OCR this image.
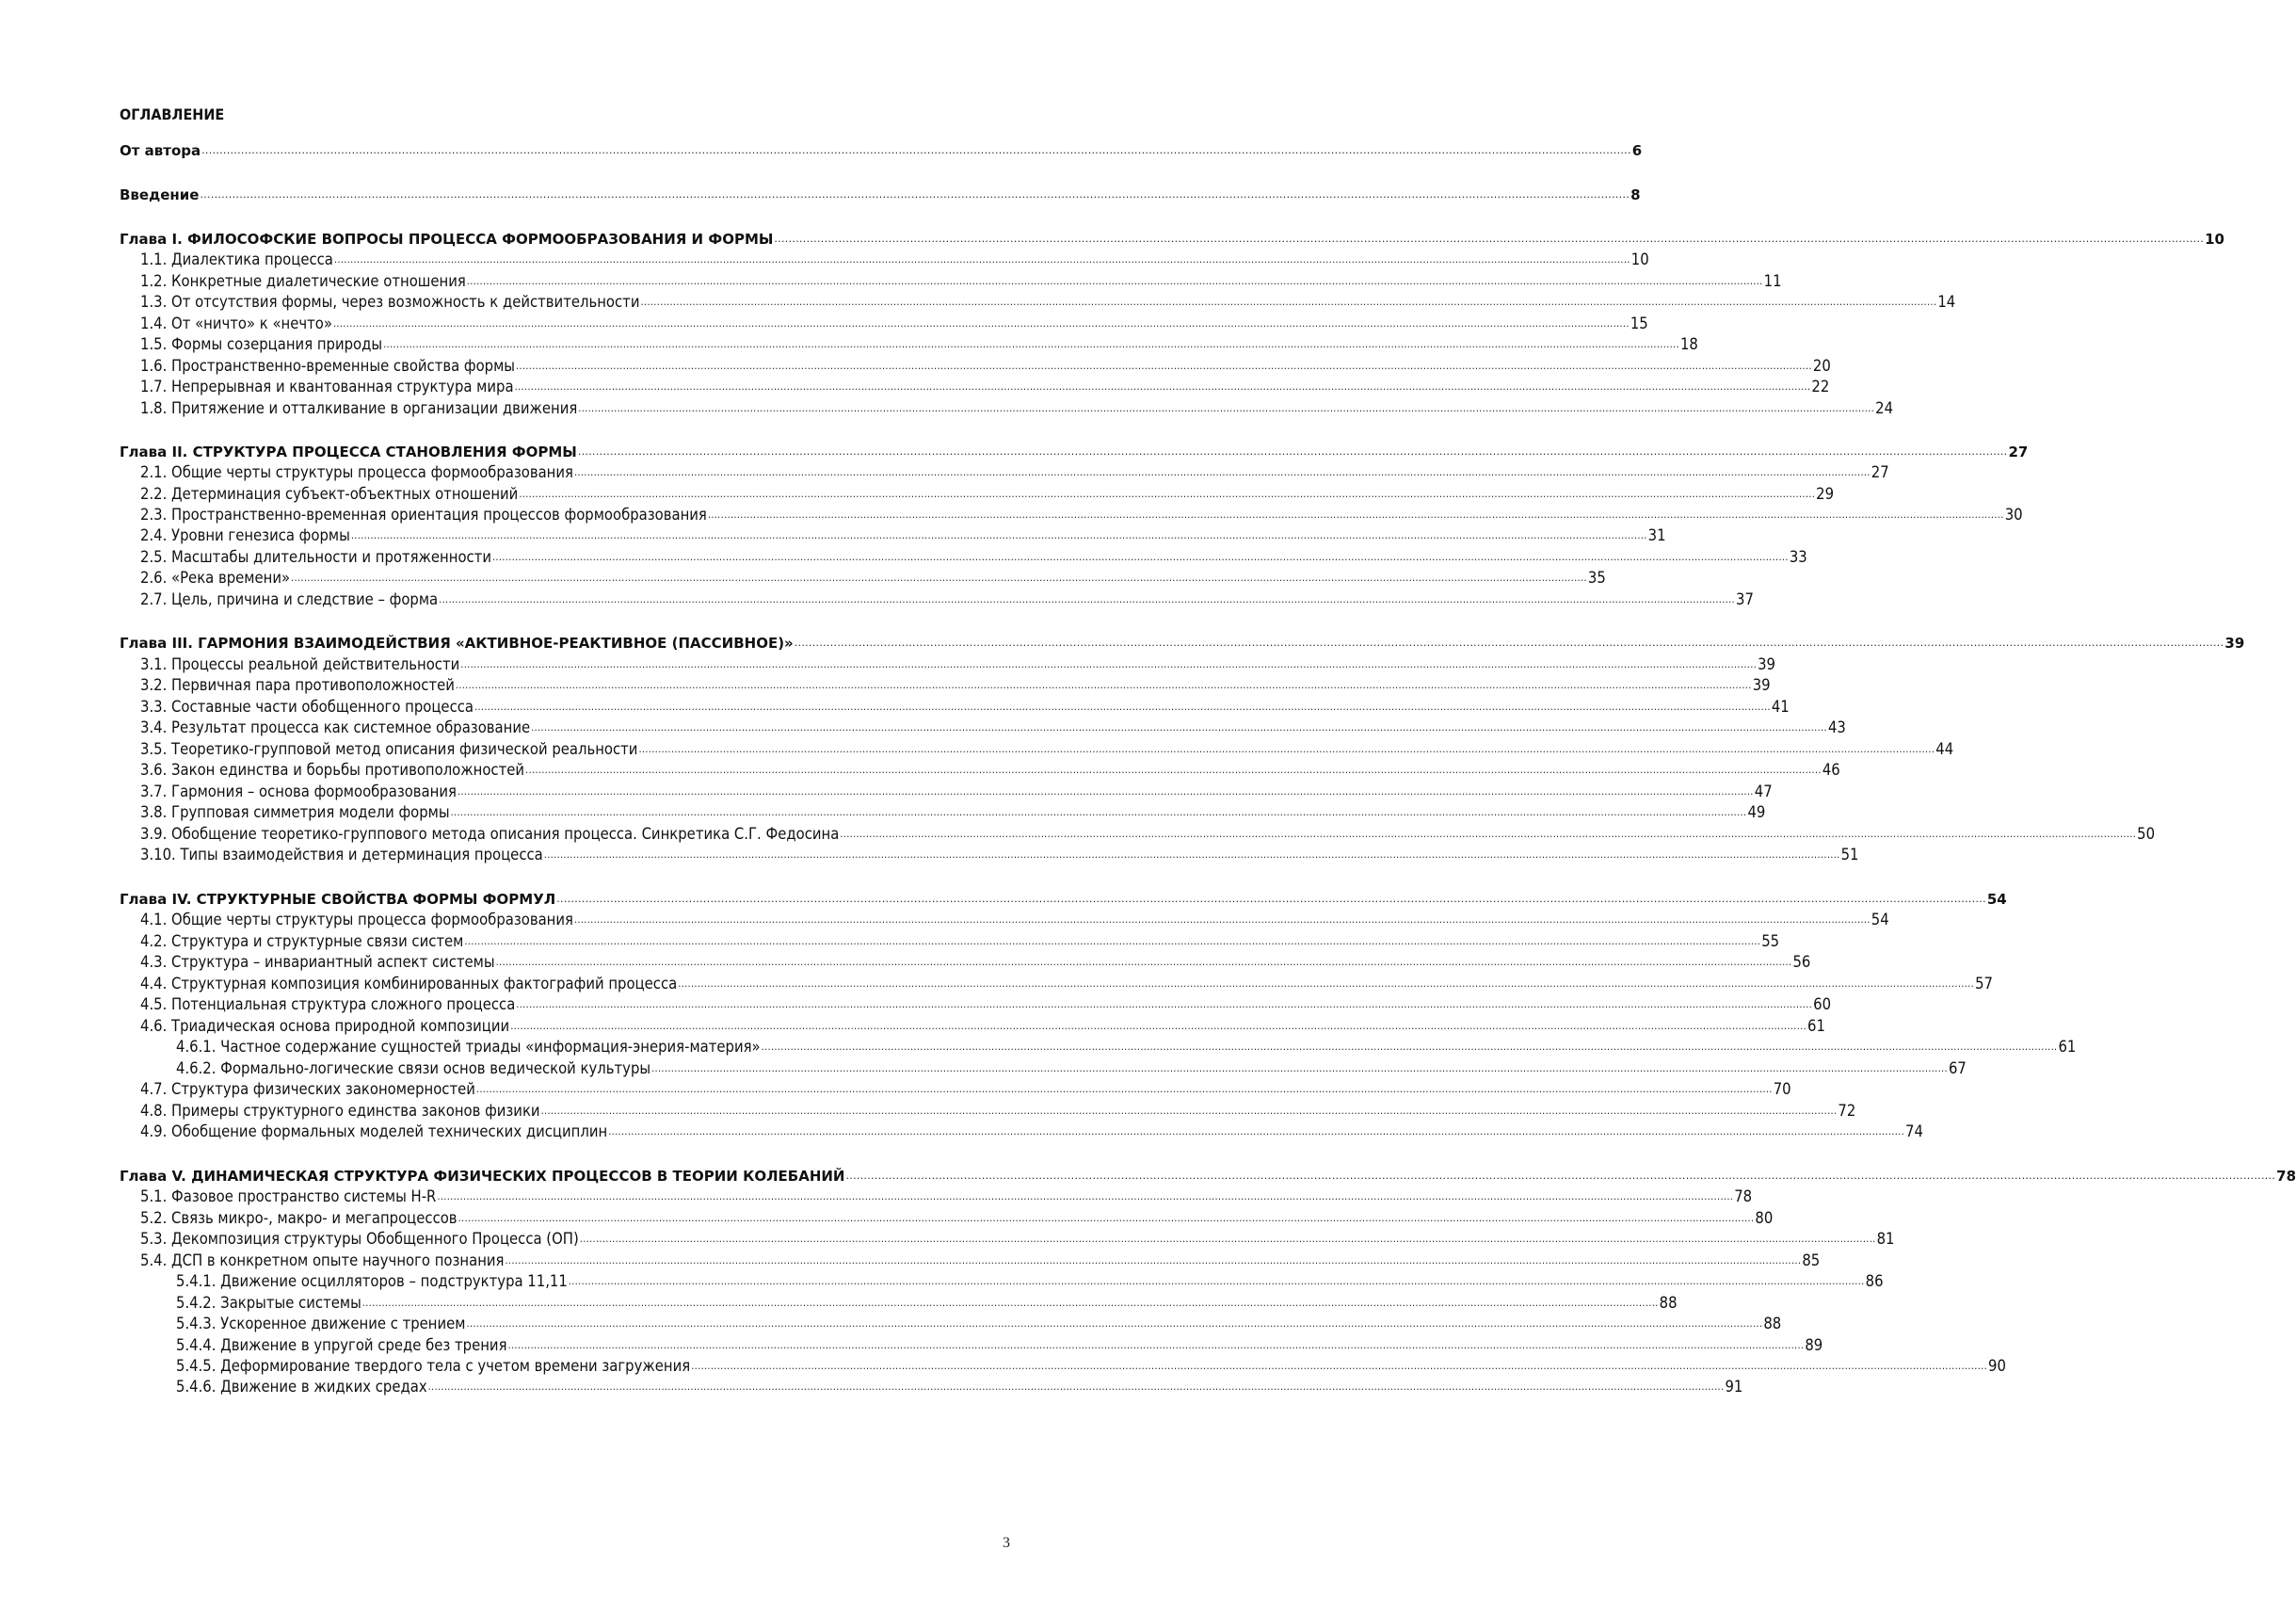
ОГЛАВЛЕНИЕ
От автора ................................................................................................................................................................................................................................................................................................................................................................................................................ 6
Введение ................................................................................................................................................................................................................................................................................................................................................................................................................ 8
Глава I. ФИЛОСОФСКИЕ ВОПРОСЫ ПРОЦЕССА ФОРМООБРАЗОВАНИЯ И ФОРМЫ ................................................................................................................................................................................................................................................................................................................................................................................................................ 10
1.1. Диалектика процесса ................................................................................................................................................................................................................................................................................................................................................................................................................ 10
1.2. Конкретные диалетические отношения ................................................................................................................................................................................................................................................................................................................................................................................................................ 11
1.3. От отсутствия формы, через возможность к действительности ................................................................................................................................................................................................................................................................................................................................................................................................................ 14
1.4. От «ничто» к «нечто» ................................................................................................................................................................................................................................................................................................................................................................................................................ 15
1.5. Формы созерцания природы ................................................................................................................................................................................................................................................................................................................................................................................................................ 18
1.6. Пространственно-временные свойства формы ................................................................................................................................................................................................................................................................................................................................................................................................................ 20
1.7. Непрерывная и квантованная структура мира ................................................................................................................................................................................................................................................................................................................................................................................................................ 22
1.8. Притяжение и отталкивание в организации движения ................................................................................................................................................................................................................................................................................................................................................................................................................ 24
Глава II. СТРУКТУРА ПРОЦЕССА СТАНОВЛЕНИЯ ФОРМЫ ................................................................................................................................................................................................................................................................................................................................................................................................................ 27
2.1. Общие черты структуры процесса формообразования ................................................................................................................................................................................................................................................................................................................................................................................................................ 27
2.2. Детерминация субъект-объектных отношений ................................................................................................................................................................................................................................................................................................................................................................................................................ 29
2.3. Пространственно-временная ориентация процессов формообразования ................................................................................................................................................................................................................................................................................................................................................................................................................ 30
2.4. Уровни генезиса формы ................................................................................................................................................................................................................................................................................................................................................................................................................ 31
2.5. Масштабы длительности и протяженности ................................................................................................................................................................................................................................................................................................................................................................................................................ 33
2.6. «Река времени» ................................................................................................................................................................................................................................................................................................................................................................................................................ 35
2.7. Цель, причина и следствие – форма ................................................................................................................................................................................................................................................................................................................................................................................................................ 37
Глава III. ГАРМОНИЯ ВЗАИМОДЕЙСТВИЯ «АКТИВНОЕ-РЕАКТИВНОЕ (ПАССИВНОЕ)» ................................................................................................................................................................................................................................................................................................................................................................................................................ 39
3.1. Процессы реальной действительности ................................................................................................................................................................................................................................................................................................................................................................................................................ 39
3.2. Первичная пара противоположностей ................................................................................................................................................................................................................................................................................................................................................................................................................ 39
3.3. Составные части обобщенного процесса ................................................................................................................................................................................................................................................................................................................................................................................................................ 41
3.4. Результат процесса как системное образование ................................................................................................................................................................................................................................................................................................................................................................................................................ 43
3.5. Теоретико-групповой метод описания физической реальности ................................................................................................................................................................................................................................................................................................................................................................................................................ 44
3.6. Закон единства и борьбы противоположностей ................................................................................................................................................................................................................................................................................................................................................................................................................ 46
3.7. Гармония – основа формообразования ................................................................................................................................................................................................................................................................................................................................................................................................................ 47
3.8. Групповая симметрия модели формы ................................................................................................................................................................................................................................................................................................................................................................................................................ 49
3.9. Обобщение теоретико-группового метода описания процесса. Синкретика С.Г. Федосина ................................................................................................................................................................................................................................................................................................................................................................................................................ 50
3.10. Типы взаимодействия и детерминация процесса ................................................................................................................................................................................................................................................................................................................................................................................................................ 51
Глава IV. СТРУКТУРНЫЕ СВОЙСТВА ФОРМЫ ФОРМУЛ ................................................................................................................................................................................................................................................................................................................................................................................................................ 54
4.1. Общие черты структуры процесса формообразования ................................................................................................................................................................................................................................................................................................................................................................................................................ 54
4.2. Структура и структурные связи систем ................................................................................................................................................................................................................................................................................................................................................................................................................ 55
4.3. Структура – инвариантный аспект системы ................................................................................................................................................................................................................................................................................................................................................................................................................ 56
4.4. Структурная композиция комбинированных фактографий процесса ................................................................................................................................................................................................................................................................................................................................................................................................................ 57
4.5. Потенциальная структура сложного процесса ................................................................................................................................................................................................................................................................................................................................................................................................................ 60
4.6. Триадическая основа природной композиции ................................................................................................................................................................................................................................................................................................................................................................................................................ 61
4.6.1. Частное содержание сущностей триады «информация-энерия-материя» ................................................................................................................................................................................................................................................................................................................................................................................................................ 61
4.6.2. Формально-логические связи основ ведической культуры ................................................................................................................................................................................................................................................................................................................................................................................................................ 67
4.7. Структура физических закономерностей ................................................................................................................................................................................................................................................................................................................................................................................................................ 70
4.8. Примеры структурного единства законов физики ................................................................................................................................................................................................................................................................................................................................................................................................................ 72
4.9. Обобщение формальных моделей технических дисциплин ................................................................................................................................................................................................................................................................................................................................................................................................................ 74
Глава V. ДИНАМИЧЕСКАЯ СТРУКТУРА ФИЗИЧЕСКИХ ПРОЦЕССОВ В ТЕОРИИ КОЛЕБАНИЙ ................................................................................................................................................................................................................................................................................................................................................................................................................ 78
5.1. Фазовое пространство системы H-R ................................................................................................................................................................................................................................................................................................................................................................................................................ 78
5.2. Связь микро-, макро- и мегапроцессов ................................................................................................................................................................................................................................................................................................................................................................................................................ 80
5.3. Декомпозиция структуры Обобщенного Процесса (ОП) ................................................................................................................................................................................................................................................................................................................................................................................................................ 81
5.4. ДСП в конкретном опыте научного познания ................................................................................................................................................................................................................................................................................................................................................................................................................ 85
5.4.1. Движение осцилляторов – подструктура 11,11 ................................................................................................................................................................................................................................................................................................................................................................................................................ 86
5.4.2. Закрытые системы ................................................................................................................................................................................................................................................................................................................................................................................................................ 88
5.4.3. Ускоренное движение с трением ................................................................................................................................................................................................................................................................................................................................................................................................................ 88
5.4.4. Движение в упругой среде без трения ................................................................................................................................................................................................................................................................................................................................................................................................................ 89
5.4.5. Деформирование твердого тела с учетом времени загружения ................................................................................................................................................................................................................................................................................................................................................................................................................ 90
5.4.6. Движение в жидких средах ................................................................................................................................................................................................................................................................................................................................................................................................................ 91
3
